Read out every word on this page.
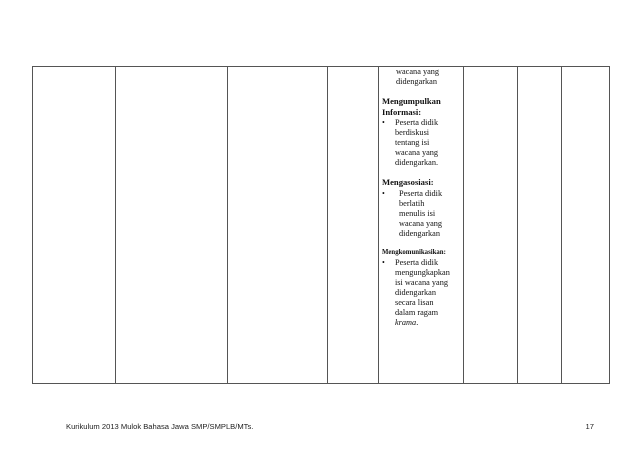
wacana yang
didengarkan
Mengumpulkan Informasi:
•	Peserta didik
berdiskusi
tentang isi
wacana yang
didengarkan.
Mengasosiasi:
•	Peserta didik
berlatih
menulis isi
wacana yang
didengarkan
Mengkomunikasikan:
•	Peserta didik
mengungkapkan
isi wacana yang
didengarkan
secara lisan
dalam ragam
krama.

Kurikulum 2013 Mulok Bahasa Jawa SMP/SMPLB/MTs.	17
